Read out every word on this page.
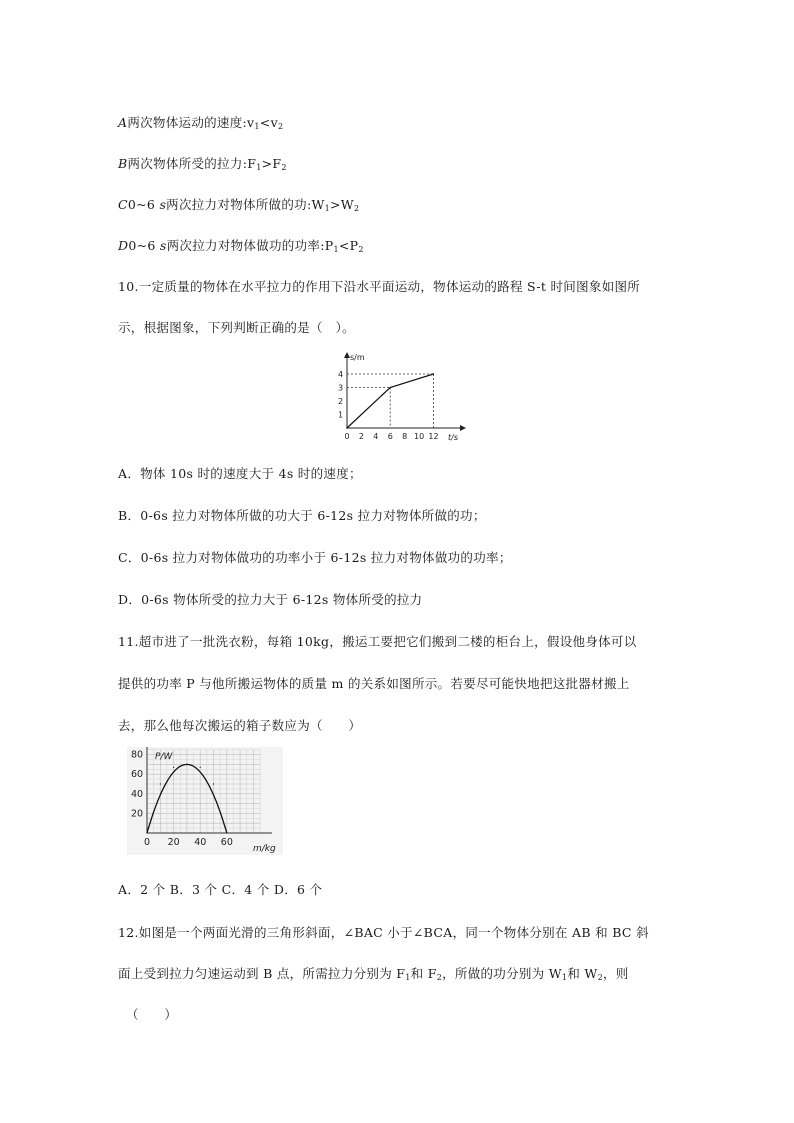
A两次物体运动的速度$:v_1<v_2$
B两次物体所受的拉力$:F_1>F_2$
C0~6 s两次拉力对物体所做的功$:W_1>W_2$
D0~6 s两次拉力对物体做功的功率$:P_1<P_2$
10.一定质量的物体在水平拉力的作用下沿水平面运动，物体运动的路程 S-t 时间图象如图所
示，根据图象，下列判断正确的是（　）。
s/m
t/s
0 2 4 6 8 10 12
1
2
3
4
A．物体 10s 时的速度大于 4s 时的速度；
B．0-6s 拉力对物体所做的功大于 6-12s 拉力对物体所做的功；
C．0-6s 拉力对物体做功的功率小于 6-12s 拉力对物体做功的功率；
D．0-6s 物体所受的拉力大于 6-12s 物体所受的拉力
11.超市进了一批洗衣粉，每箱 10kg，搬运工要把它们搬到二楼的柜台上，假设他身体可以
提供的功率 P 与他所搬运物体的质量 m 的关系如图所示。若要尽可能快地把这批器材搬上
去，那么他每次搬运的箱子数应为（　　）
0 20 40 60
20
40
60
80 P/W
m/kg
A．2 个 B．3 个 C．4 个 D．6 个
12.如图是一个两面光滑的三角形斜面，∠BAC 小于∠BCA，同一个物体分别在 AB 和 BC 斜
面上受到拉力匀速运动到 B 点，所需拉力分别为 $F_1$和 $F_2$，所做的功分别为 $W_1$和 $W_2$，则
（　　）
